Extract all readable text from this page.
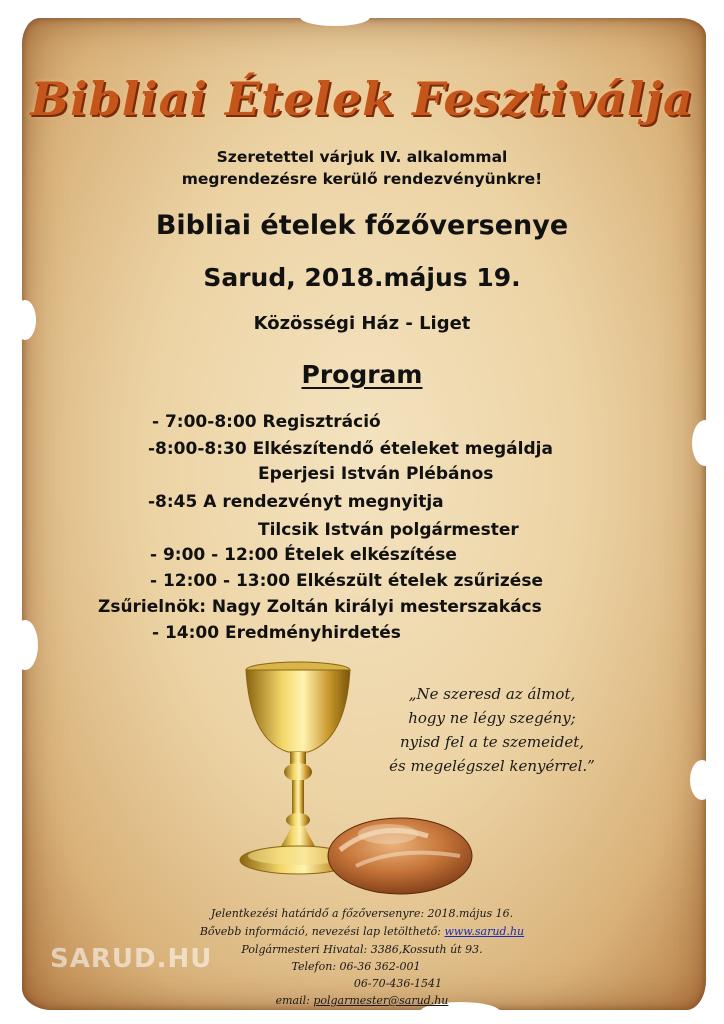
Bibliai Ételek Fesztiválja
Szeretettel várjuk IV. alkalommal
megrendezésre kerülő rendezvényünkre!
Bibliai ételek főzőversenye
Sarud, 2018.május 19.
Közösségi Ház - Liget
Program
- 7:00-8:00 Regisztráció
-8:00-8:30 Elkészítendő ételeket megáldja
Eperjesi István Plébános
-8:45 A rendezvényt megnyitja
Tilcsik István polgármester
- 9:00 - 12:00 Ételek elkészítése
- 12:00 - 13:00 Elkészült ételek zsűrizése
Zsűrielnök: Nagy Zoltán királyi mesterszakács
- 14:00 Eredményhirdetés
„Ne szeresd az álmot,
hogy ne légy szegény;
nyisd fel a te szemeidet,
és megelégszel kenyérrel.”
Jelentkezési határidő a főzőversenyre: 2018.május 16.
Bővebb információ, nevezési lap letölthető: www.sarud.hu
Polgármesteri Hivatal: 3386,Kossuth út 93.
Telefon: 06-36 362-001
06-70-436-1541
email: polgarmester@sarud.hu
SARUD.HU
